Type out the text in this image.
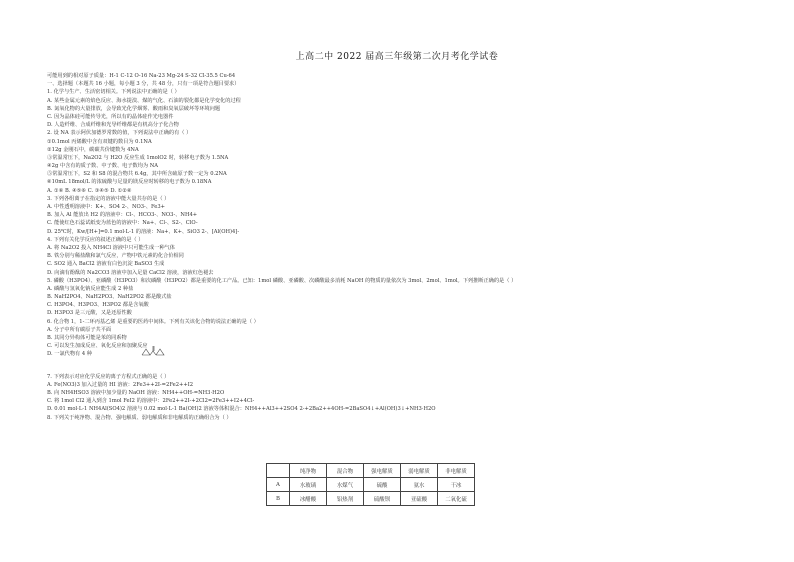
上高二中 2022 届高三年级第二次月考化学试卷
可能用到的相对原子质量：H-1 C-12 O-16 Na-23 Mg-24 S-32 Cl-35.5 Cu-64
一、选择题（本题共 16 小题，每小题 3 分，共 48 分，只有一项是符合题目要求）
1. 化学与生产、生活密切相关。下列说法中正确的是（ ）
A. 某些金属元素的焰色反应、海水提溴、煤的气化、石油的裂化都是化学变化的过程
B. 氮氧化物的大量排放，会导致光化学烟雾、酸雨和臭氧层破坏等环境问题
C. 因为晶体硅可能传导光，所以有的晶体硅作光电器件
D. 人造纤维、合成纤维和光导纤维都是有机高分子化合物
2. 设 NA 表示阿伏加德罗常数的值，下列说法中正确的有（ ）
①0.1mol 丙烯酸中含有双键的数目为 0.1NA
②12g 金刚石中，碳碳共价键数为 4NA
③常温常压下，Na2O2 与 H2O 反应生成 1molO2 时，转移电子数为 1.5NA
④2g 中含有的质子数、中子数、电子数均为 NA
⑤常温常压下，S2 和 S8 的混合物共 6.4g，其中所含硫原子数一定为 0.2NA
⑥10mL 18mol/L 的浓硫酸与足量的镁反应时转移的电子数为 0.18NA
A. ①⑥ B. ④⑤⑥ C. ③④⑤ D. ①②⑥
3. 下列各组离子在指定的溶液中能大量共存的是（ ）
A. 中性透明溶液中：K+、SO4 2-、NO3-、Fe3+
B. 加入 Al 能放出 H2 的溶液中：Cl-、HCO3-、NO3-、NH4+
C. 能使红色石蕊试纸变为蓝色的溶液中：Na+、Cl-、S2-、ClO-
D. 25℃时，Kw/[H+]=0.1 mol·L-1 的溶液：Na+、K+、SiO3 2-、[Al(OH)4]-
4. 下列有关化学反应的叙述正确的是（ ）
A. 将 Na2O2 投入 NH4Cl 溶液中只可能生成一种气体
B. 铁分别与稀盐酸和氯气反应，产物中铁元素的化合价相同
C. SO2 通入 BaCl2 溶液有白色沉淀 BaSO3 生成
D. 向滴有酚酞的 Na2CO3 溶液中加入足量 CaCl2 溶液，溶液红色褪去
5. 磷酸（H3PO4）、亚磷酸（H3PO3）和次磷酸（H3PO2）都是重要的化工产品。已知：1mol 磷酸、亚磷酸、次磷酸最多消耗 NaOH 的物质的量依次为 3mol、2mol、1mol。下列推断正确的是（ ）
A. 磷酸与氢氧化钠反应能生成 2 种盐
B. NaH2PO4、NaH2PO3、NaH2PO2 都是酸式盐
C. H3PO4、H3PO3、H3PO2 都是含氧酸
D. H3PO3 是三元酸，又是还原性酸
6. 化合物 1，1-二环丙基乙烯 是重要的医药中间体。下列有关该化合物的说法正确的是（ ）
A. 分子中所有碳原子共平面
B. 其同分异构体可能是苯的同系物
C. 可以发生加成反应、氧化反应和加聚反应
D. 一氯代物有 4 种
7. 下列表示对应化学反应的离子方程式正确的是（ ）
A. Fe(NO3)3 加入过量的 HI 溶液：2Fe3++2I-=2Fe2++I2
B. 向 NH4HSO3 溶液中加少量的 NaOH 溶液：NH4++OH-=NH3·H2O
C. 将 1mol Cl2 通入到含 1mol FeI2 的溶液中：2Fe2++2I-+2Cl2=2Fe3++I2+4Cl-
D. 0.01 mol·L-1 NH4Al(SO4)2 溶液与 0.02 mol·L-1 Ba(OH)2 溶液等体积混合：NH4++Al3++2SO4 2-+2Ba2++4OH-=2BaSO4↓+Al(OH)3↓+NH3·H2O
8. 下列关于纯净物、混合物、强电解质、弱电解质和非电解质的正确组合为（ ）
	纯净物	混合物	强电解质	弱电解质	非电解质
A	水玻璃	水煤气	硫酸	氨水	干冰
B	冰醋酸	铝热剂	硫酸钡	亚硫酸	二氧化硫
